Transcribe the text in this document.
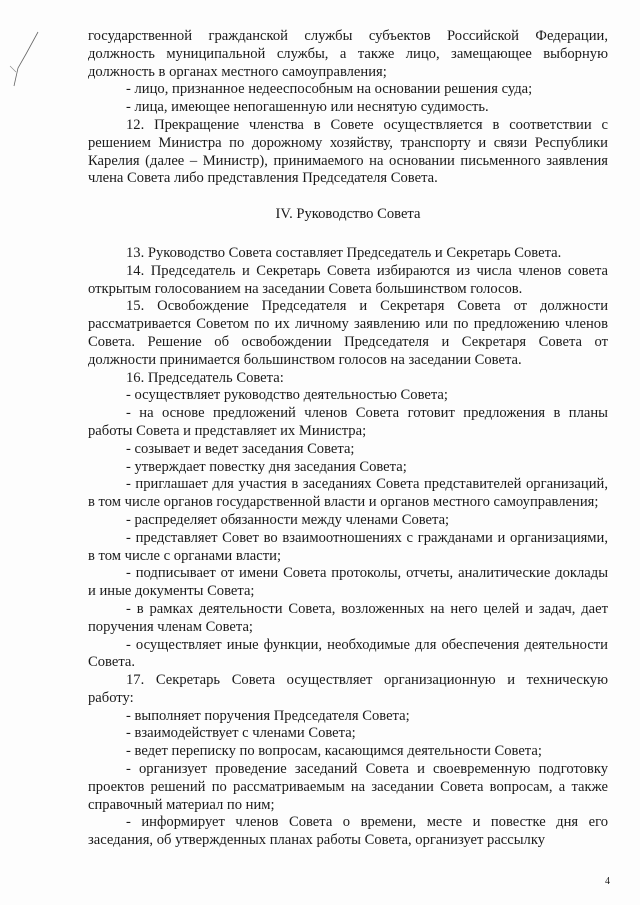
государственной гражданской службы субъектов Российской Федерации, должность муниципальной службы, а также лицо, замещающее выборную должность в органах местного самоуправления;

- лицо, признанное недееспособным на основании решения суда;

- лица, имеющее непогашенную или неснятую судимость.

12. Прекращение членства в Совете осуществляется в соответствии с решением Министра по дорожному хозяйству, транспорту и связи Республики Карелия (далее – Министр), принимаемого на основании письменного заявления члена Совета либо представления Председателя Совета.

IV. Руководство Совета

13. Руководство Совета составляет Председатель и Секретарь Совета.

14. Председатель и Секретарь Совета избираются из числа членов совета открытым голосованием на заседании Совета большинством голосов.

15. Освобождение Председателя и Секретаря Совета от должности рассматривается Советом по их личному заявлению или по предложению членов Совета. Решение об освобождении Председателя и Секретаря Совета от должности принимается большинством голосов на заседании Совета.

16. Председатель Совета:

- осуществляет руководство деятельностью Совета;

- на основе предложений членов Совета готовит предложения в планы работы Совета и представляет их Министра;

- созывает и ведет заседания Совета;

- утверждает повестку дня заседания Совета;

- приглашает для участия в заседаниях Совета представителей организаций, в том числе органов государственной власти и органов местного самоуправления;

- распределяет обязанности между членами Совета;

- представляет Совет во взаимоотношениях с гражданами и организациями, в том числе с органами власти;

- подписывает от имени Совета протоколы, отчеты, аналитические доклады и иные документы Совета;

- в рамках деятельности Совета, возложенных на него целей и задач, дает поручения членам Совета;

- осуществляет иные функции, необходимые для обеспечения деятельности Совета.

17. Секретарь Совета осуществляет организационную и техническую работу:

- выполняет поручения Председателя Совета;

- взаимодействует с членами Совета;

- ведет переписку по вопросам, касающимся деятельности Совета;

- организует проведение заседаний Совета и своевременную подготовку проектов решений по рассматриваемым на заседании Совета вопросам, а также справочный материал по ним;

- информирует членов Совета о времени, месте и повестке дня его заседания, об утвержденных планах работы Совета, организует рассылку

4
